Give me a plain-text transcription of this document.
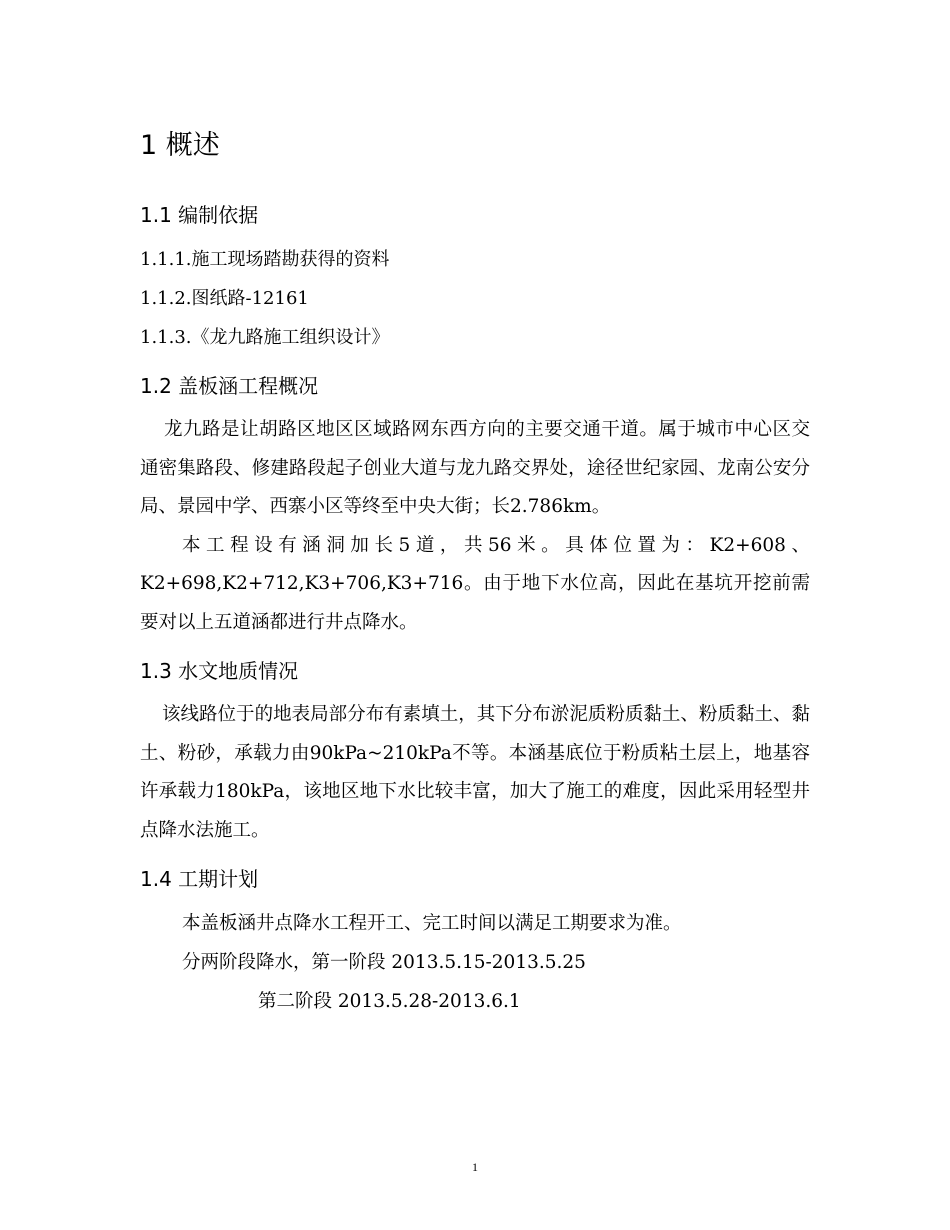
1 概述
1.1 编制依据

1.1.1.施工现场踏勘获得的资料

1.1.2.图纸路-12161

1.1.3.《龙九路施工组织设计》

1.2 盖板涵工程概况

龙九路是让胡路区地区区域路网东西方向的主要交通干道。属于城市中心区交通密集路段、修建路段起子创业大道与龙九路交界处，途径世纪家园、龙南公安分局、景园中学、西寨小区等终至中央大街；长2.786km。

本工程设有涵洞加长5道，共56米。具体位置为：K2+608、K2+698,K2+712,K3+706,K3+716。由于地下水位高，因此在基坑开挖前需要对以上五道涵都进行井点降水。

1.3 水文地质情况

该线路位于的地表局部分布有素填土，其下分布淤泥质粉质黏土、粉质黏土、黏土、粉砂，承载力由90kPa~210kPa不等。本涵基底位于粉质粘土层上，地基容许承载力180kPa，该地区地下水比较丰富，加大了施工的难度，因此采用轻型井点降水法施工。

1.4 工期计划

本盖板涵井点降水工程开工、完工时间以满足工期要求为准。

分两阶段降水，第一阶段 2013.5.15-2013.5.25

第二阶段 2013.5.28-2013.6.1

1
